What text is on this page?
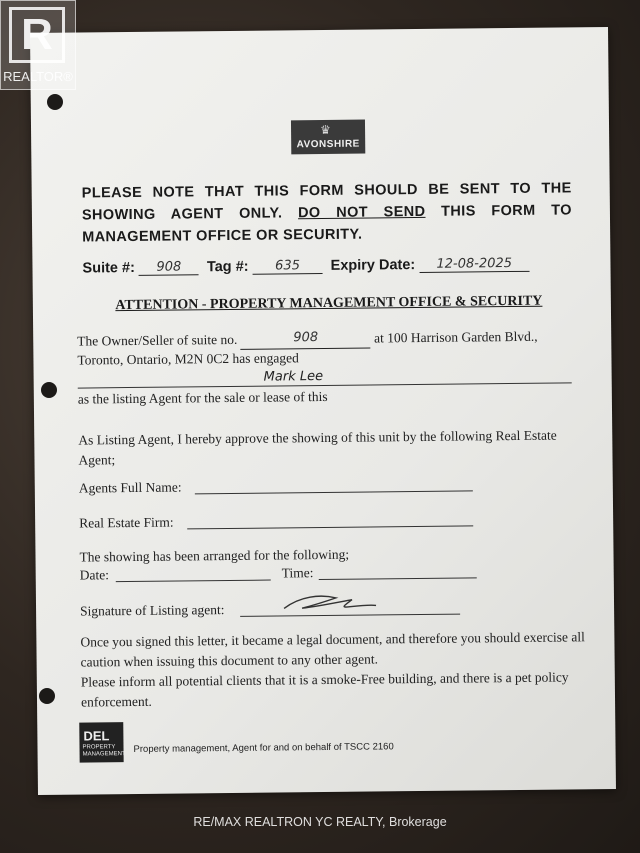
♛
AVONSHIRE
PLEASE NOTE THAT THIS FORM SHOULD BE SENT TO THE SHOWING AGENT ONLY. DO NOT SEND THIS FORM TO MANAGEMENT OFFICE OR SECURITY.
Suite #: 908 Tag #: 635 Expiry Date: 12-08-2025
ATTENTION - PROPERTY MANAGEMENT OFFICE & SECURITY
The Owner/Seller of suite no.	908	at 100 Harrison Garden Blvd.,
Toronto, Ontario, M2N 0C2 has engaged
Mark Lee
as the listing Agent for the sale or lease of this
As Listing Agent, I hereby approve the showing of this unit by the following Real Estate Agent;
Agents Full Name:
Real Estate Firm:
The showing has been arranged for the following;
Date:	Time:
Signature of Listing agent:
Once you signed this letter, it became a legal document, and therefore you should exercise all caution when issuing this document to any other agent.
Please inform all potential clients that it is a smoke-Free building, and there is a pet policy enforcement.
DEL
PROPERTY MANAGEMENT Property management, Agent for and on behalf of TSCC 2160
R
REALTOR®
RE/MAX REALTRON YC REALTY, Brokerage
